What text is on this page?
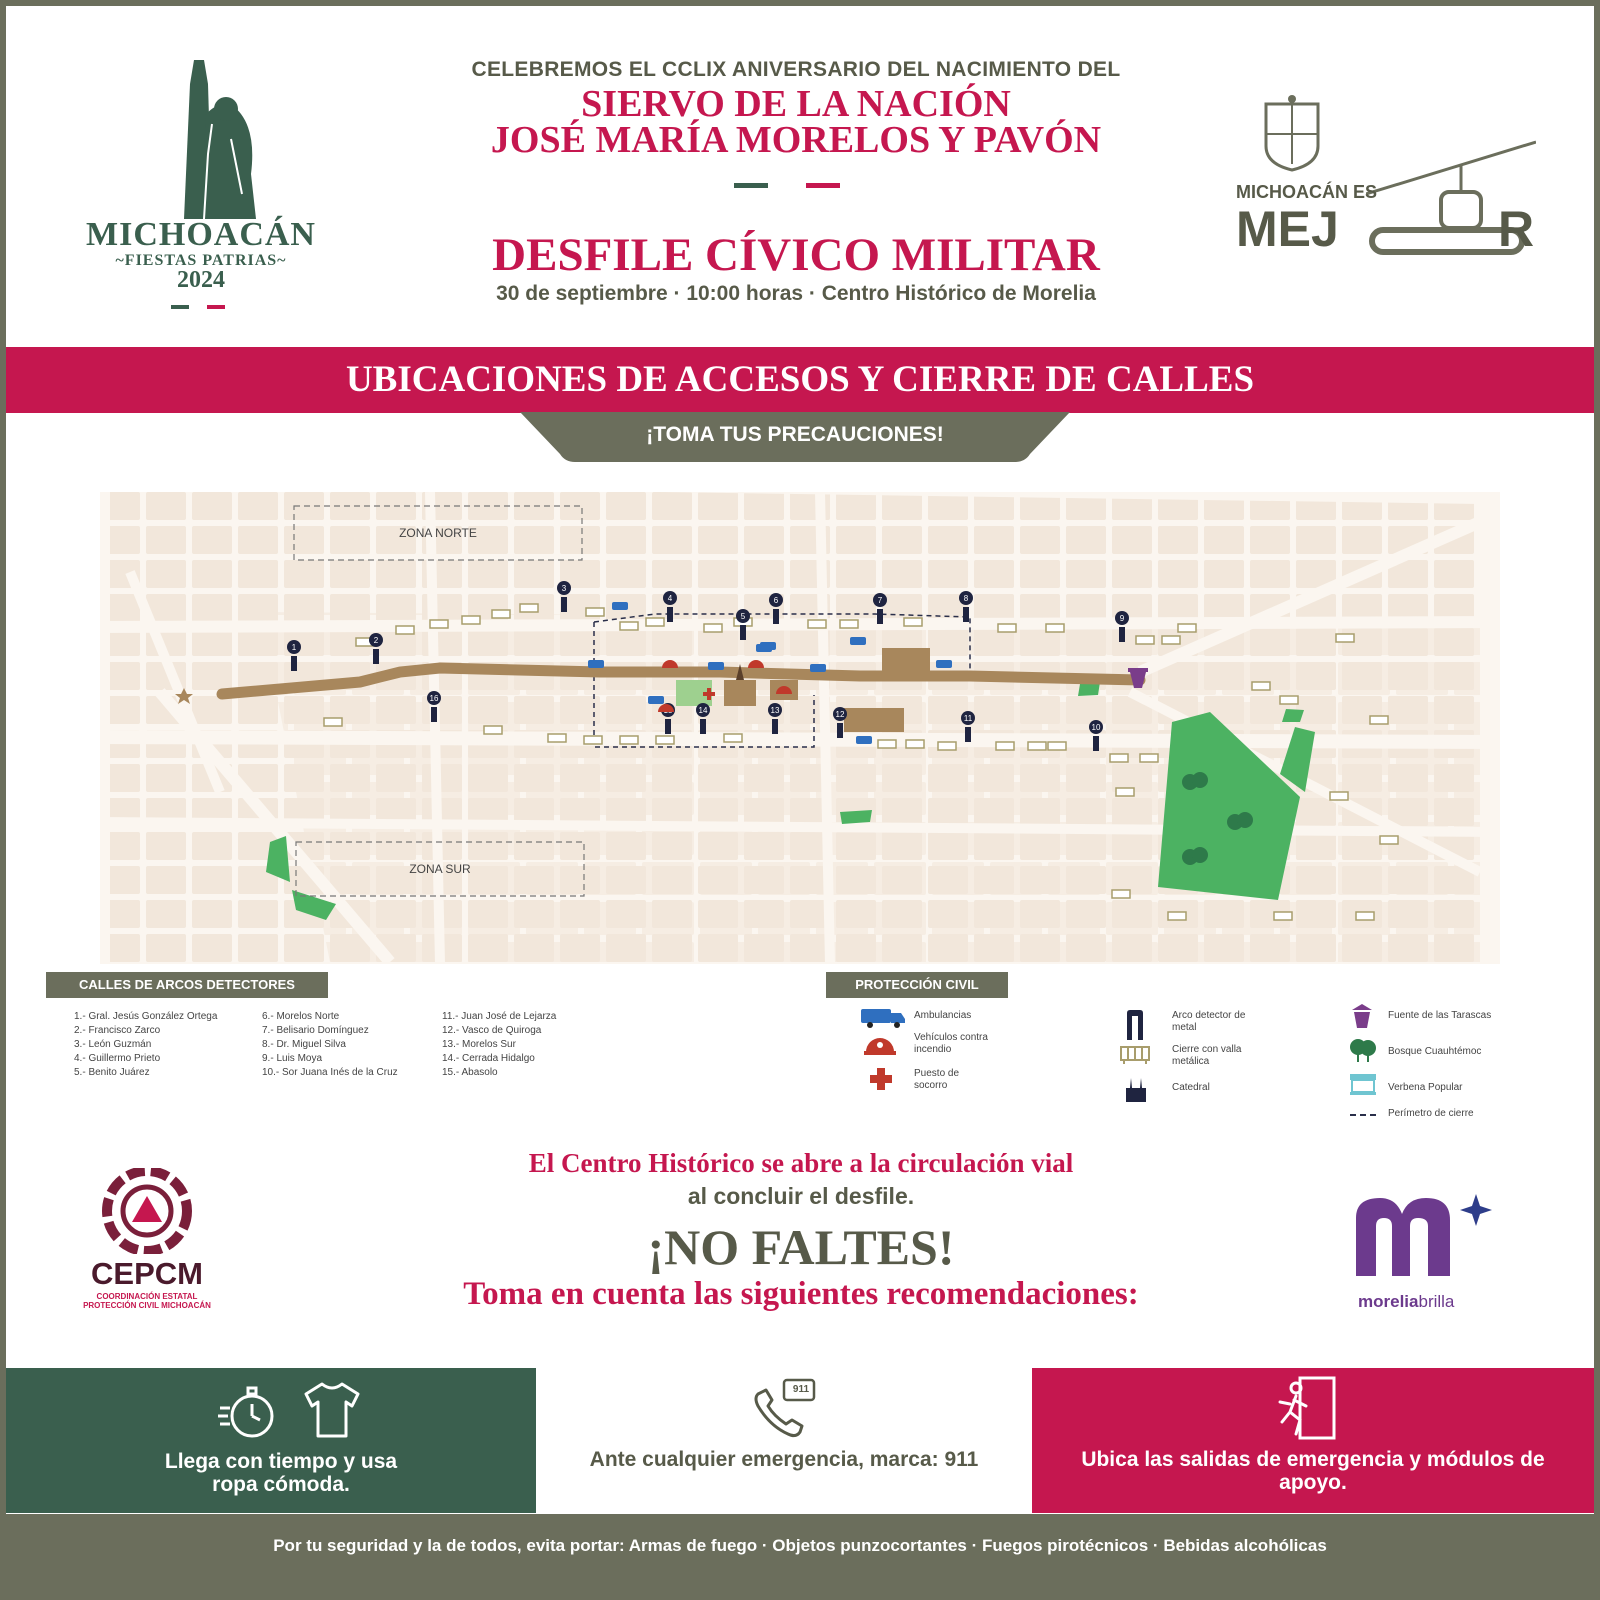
MICHOACÁN
~FIESTAS PATRIAS~
2024
CELEBREMOS EL CCLIX ANIVERSARIO DEL NACIMIENTO DEL
SIERVO DE LA NACIÓN
JOSÉ MARÍA MORELOS Y PAVÓN
DESFILE CÍVICO MILITAR
30 de septiembre · 10:00 horas · Centro Histórico de Morelia
MICHOACÁN ES
MEJ	R
UBICACIONES DE ACCESOS Y CIERRE DE CALLES
¡TOMA TUS PRECAUCIONES!
1
2
3
4
5
6	7	8
9
10
11
12
13
14
16
ZONA NORTE
ZONA SUR
CALLES DE ARCOS DETECTORES
1.- Gral. Jesús González Ortega
2.- Francisco Zarco
3.- León Guzmán
4.- Guillermo Prieto
5.- Benito Juárez
6.- Morelos Norte
7.- Belisario Domínguez
8.- Dr. Miguel Silva
9.- Luis Moya
10.- Sor Juana Inés de la Cruz
11.- Juan José de Lejarza
12.- Vasco de Quiroga
13.- Morelos Sur
14.- Cerrada Hidalgo
15.- Abasolo
PROTECCIÓN CIVIL
Ambulancias
Vehículos contra incendio
Puesto de socorro
Arco detector de metal
Cierre con valla metálica
Catedral
Fuente de las Tarascas
Bosque Cuauhtémoc
Verbena Popular
Perímetro de cierre
El Centro Histórico se abre a la circulación vial
al concluir el desfile.
¡NO FALTES!
Toma en cuenta las siguientes recomendaciones:
CEPCM
COORDINACIÓN ESTATAL
PROTECCIÓN CIVIL MICHOACÁN	moreliabrilla
Llega con tiempo y usa ropa cómoda.
911
Ante cualquier emergencia, marca: 911	Ubica las salidas de emergencia y módulos de apoyo.
Por tu seguridad y la de todos, evita portar: Armas de fuego · Objetos punzocortantes · Fuegos pirotécnicos · Bebidas alcohólicas
